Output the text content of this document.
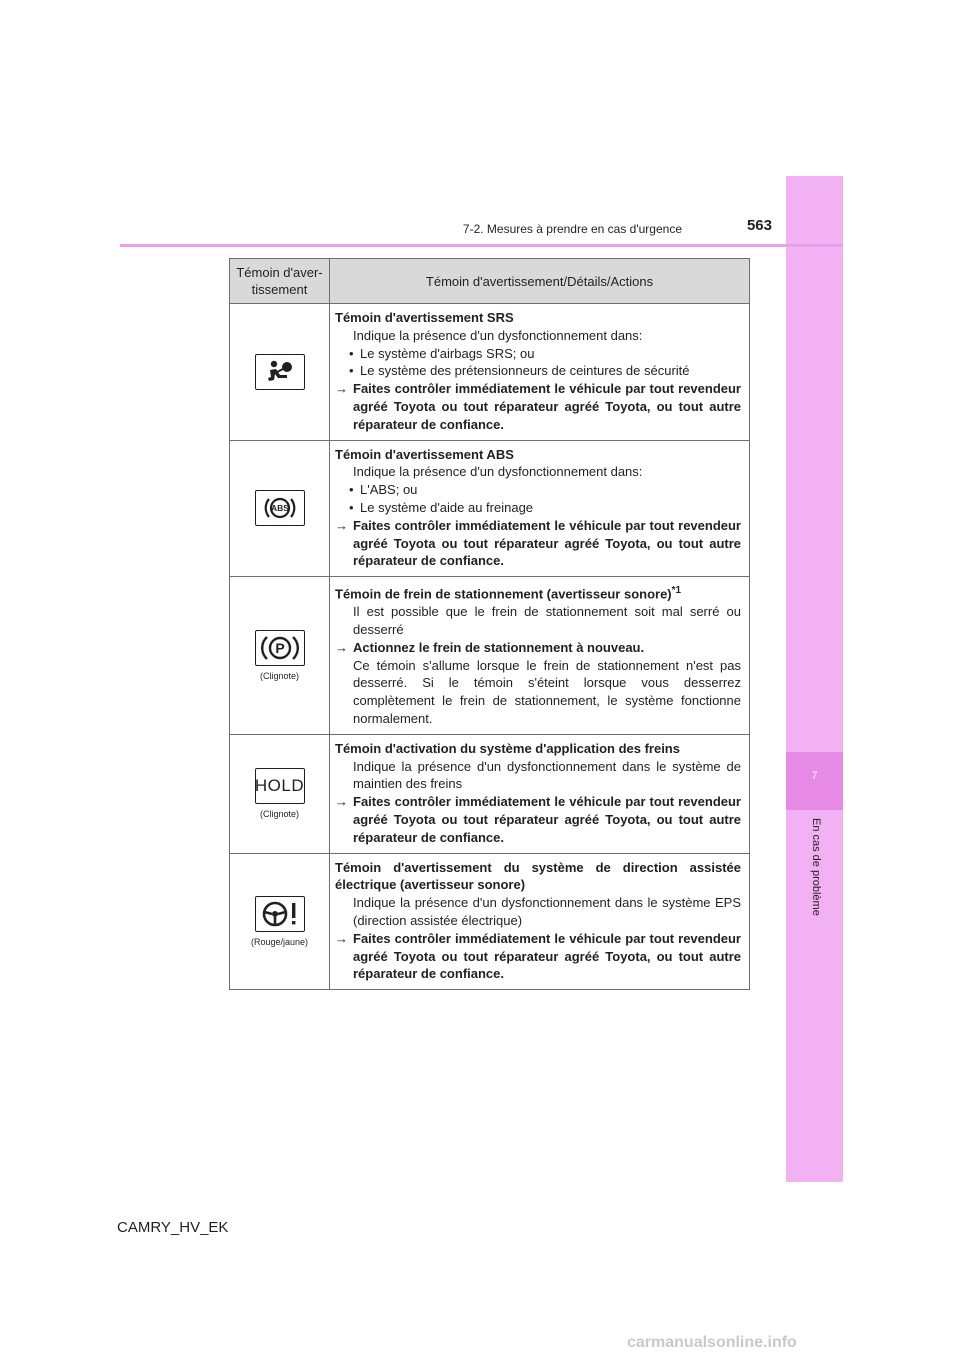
7
En cas de problème
7-2. Mesures à prendre en cas d'urgence	563
Témoin d'aver-tissement
Témoin d'avertissement/Détails/Actions
Témoin d'avertissement SRS
Indique la présence d'un dysfonctionnement dans:
• Le système d'airbags SRS; ou
• Le système des prétensionneurs de ceintures de sécurité
→ Faites contrôler immédiatement le véhicule par tout revendeur agréé Toyota ou tout réparateur agréé Toyota, ou tout autre réparateur de confiance.
ABS
Témoin d'avertissement ABS
Indique la présence d'un dysfonctionnement dans:
• L'ABS; ou
• Le système d'aide au freinage
→ Faites contrôler immédiatement le véhicule par tout revendeur agréé Toyota ou tout réparateur agréé Toyota, ou tout autre réparateur de confiance.
P
(Clignote)
Témoin de frein de stationnement (avertisseur sonore)$^{*1}$
Il est possible que le frein de stationnement soit mal serré ou desserré
→ Actionnez le frein de stationnement à nouveau.
Ce témoin s'allume lorsque le frein de stationnement n'est pas desserré. Si le témoin s'éteint lorsque vous desserrez complètement le frein de stationnement, le système fonctionne normalement.
HOLD
(Clignote)
Témoin d'activation du système d'application des freins
Indique la présence d'un dysfonctionnement dans le système de maintien des freins
→ Faites contrôler immédiatement le véhicule par tout revendeur agréé Toyota ou tout réparateur agréé Toyota, ou tout autre réparateur de confiance.
(Rouge/jaune)
Témoin d'avertissement du système de direction assistée électrique (avertisseur sonore)
Indique la présence d'un dysfonctionnement dans le système EPS (direction assistée électrique)
→ Faites contrôler immédiatement le véhicule par tout revendeur agréé Toyota ou tout réparateur agréé Toyota, ou tout autre réparateur de confiance.
CAMRY_HV_EK
carmanualsonline.info
